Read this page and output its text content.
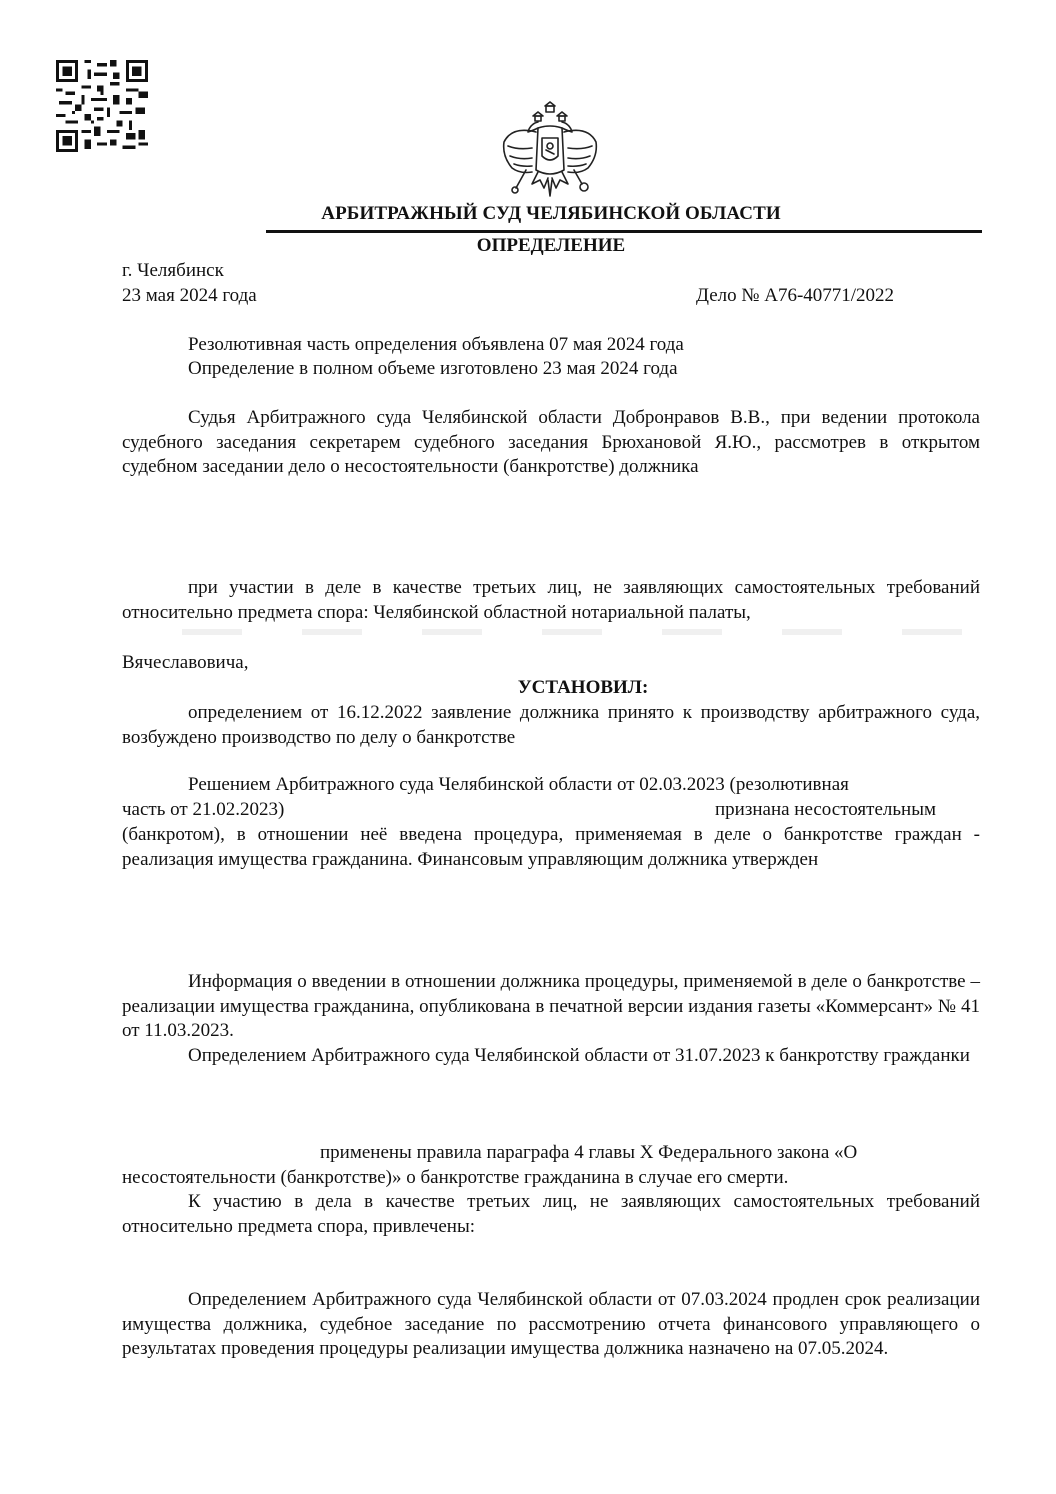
АРБИТРАЖНЫЙ СУД ЧЕЛЯБИНСКОЙ ОБЛАСТИ
ОПРЕДЕЛЕНИЕ
г. Челябинск
23 мая 2024 года	Дело № А76-40771/2022
Резолютивная часть определения объявлена 07 мая 2024 года
Определение в полном объеме изготовлено 23 мая 2024 года
Судья Арбитражного суда Челябинской области Добронравов В.В., при ведении протокола судебного заседания секретарем судебного заседания Брюхановой Я.Ю., рассмотрев в открытом судебном заседании дело о несостоятельности (банкротстве) должника
при участии в деле в качестве третьих лиц, не заявляющих самостоятельных требований относительно предмета спора: Челябинской областной нотариальной палаты,
Вячеславовича,
УСТАНОВИЛ:
определением от 16.12.2022 заявление должника принято к производству арбитражного суда, возбуждено производство по делу о банкротстве
Решением Арбитражного суда Челябинской области от 02.03.2023 (резолютивная
часть от 21.02.2023)	признана несостоятельным
(банкротом), в отношении неё введена процедура, применяемая в деле о банкротстве граждан - реализация имущества гражданина. Финансовым управляющим должника утвержден
Информация о введении в отношении должника процедуры, применяемой в деле о банкротстве – реализации имущества гражданина, опубликована в печатной версии издания газеты «Коммерсант» № 41 от 11.03.2023.
Определением Арбитражного суда Челябинской области от 31.07.2023 к банкротству гражданки
применены правила параграфа 4 главы X Федерального закона «О
несостоятельности (банкротстве)» о банкротстве гражданина в случае его смерти.
К участию в дела в качестве третьих лиц, не заявляющих самостоятельных требований относительно предмета спора, привлечены:
Определением Арбитражного суда Челябинской области от 07.03.2024 продлен срок реализации имущества должника, судебное заседание по рассмотрению отчета финансового управляющего о результатах проведения процедуры реализации имущества должника назначено на 07.05.2024.
